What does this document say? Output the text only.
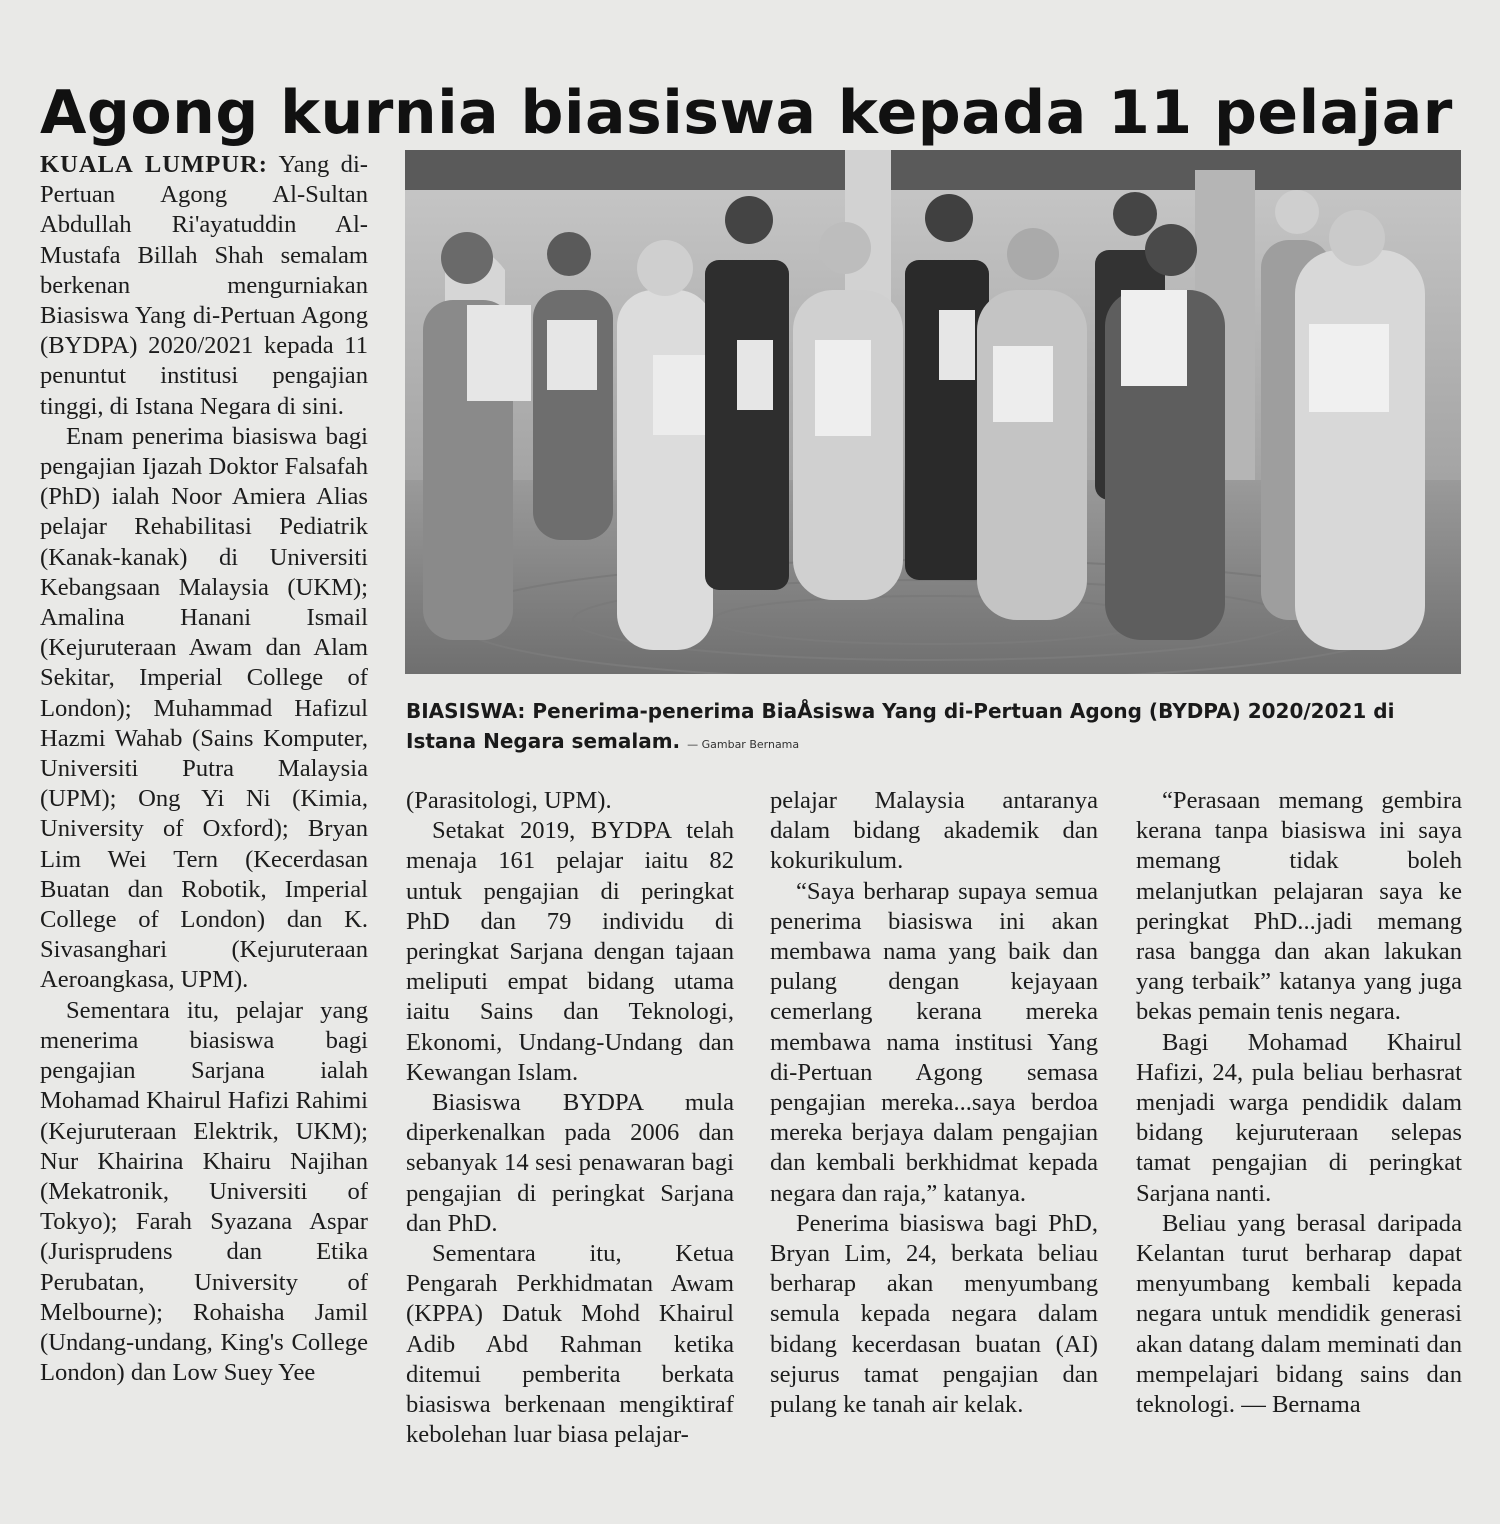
Agong kurnia biasiswa kepada 11 pelajar

KUALA LUMPUR: Yang di-Pertuan Agong Al-Sultan Abdullah Ri'ayatuddin Al-Mustafa Billah Shah semalam berkenan mengurniakan Biasiswa Yang di-Pertuan Agong (BYDPA) 2020/2021 kepada 11 penuntut institusi pengajian tinggi, di Istana Negara di sini.

Enam penerima biasiswa bagi pengajian Ijazah Doktor Falsafah (PhD) ialah Noor Amiera Alias pelajar Rehabilitasi Pediatrik (Kanak-kanak) di Universiti Kebangsaan Malaysia (UKM); Amalina Hanani Ismail (Kejuruteraan Awam dan Alam Sekitar, Imperial College of London); Muhammad Hafizul Hazmi Wahab (Sains Komputer, Universiti Putra Malaysia (UPM); Ong Yi Ni (Kimia, University of Oxford); Bryan Lim Wei Tern (Kecerdasan Buatan dan Robotik, Imperial College of London) dan K. Sivasanghari (Kejuruteraan Aeroangkasa, UPM).

Sementara itu, pelajar yang menerima biasiswa bagi pengajian Sarjana ialah Mohamad Khairul Hafizi Rahimi (Kejuruteraan Elektrik, UKM); Nur Khairina Khairu Najihan (Mekatronik, Universiti of Tokyo); Farah Syazana Aspar (Jurisprudens dan Etika Perubatan, University of Melbourne); Rohaisha Jamil (Undang-undang, King's College London) dan Low Suey Yee

BIASISWA: Penerima-penerima BiaÅsiswa Yang di-Pertuan Agong (BYDPA) 2020/2021 di Istana Negara semalam. — Gambar Bernama

(Parasitologi, UPM).

Setakat 2019, BYDPA telah menaja 161 pelajar iaitu 82 untuk pengajian di peringkat PhD dan 79 individu di peringkat Sarjana dengan tajaan meliputi empat bidang utama iaitu Sains dan Teknologi, Ekonomi, Undang-Undang dan Kewangan Islam.

Biasiswa BYDPA mula diperkenalkan pada 2006 dan sebanyak 14 sesi penawaran bagi pengajian di peringkat Sarjana dan PhD.

Sementara itu, Ketua Pengarah Perkhidmatan Awam (KPPA) Datuk Mohd Khairul Adib Abd Rahman ketika ditemui pemberita berkata biasiswa berkenaan mengiktiraf kebolehan luar biasa pelajar-

pelajar Malaysia antaranya dalam bidang akademik dan kokurikulum.

“Saya berharap supaya semua penerima biasiswa ini akan membawa nama yang baik dan pulang dengan kejayaan cemerlang kerana mereka membawa nama institusi Yang di-Pertuan Agong semasa pengajian mereka...saya berdoa mereka berjaya dalam pengajian dan kembali berkhidmat kepada negara dan raja,” katanya.

Penerima biasiswa bagi PhD, Bryan Lim, 24, berkata beliau berharap akan menyumbang semula kepada negara dalam bidang kecerdasan buatan (AI) sejurus tamat pengajian dan pulang ke tanah air kelak.

“Perasaan memang gembira kerana tanpa biasiswa ini saya memang tidak boleh melanjutkan pelajaran saya ke peringkat PhD...jadi memang rasa bangga dan akan lakukan yang terbaik” katanya yang juga bekas pemain tenis negara.

Bagi Mohamad Khairul Hafizi, 24, pula beliau berhasrat menjadi warga pendidik dalam bidang kejuruteraan selepas tamat pengajian di peringkat Sarjana nanti.

Beliau yang berasal daripada Kelantan turut berharap dapat menyumbang kembali kepada negara untuk mendidik generasi akan datang dalam meminati dan mempelajari bidang sains dan teknologi. — Bernama
